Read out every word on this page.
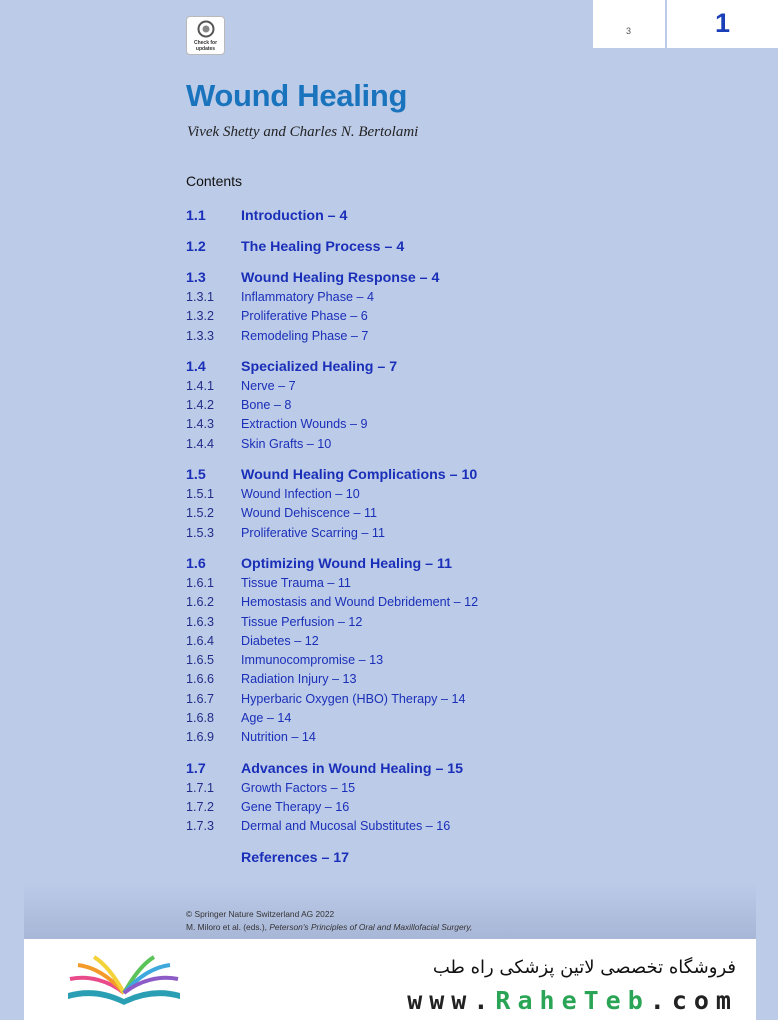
3	1
Check for updates
Wound Healing
Vivek Shetty and Charles N. Bertolami
Contents
1.1 Introduction – 4
1.2 The Healing Process – 4
1.3 Wound Healing Response – 4
1.3.1 Inflammatory Phase – 4
1.3.2 Proliferative Phase – 6
1.3.3 Remodeling Phase – 7
1.4 Specialized Healing – 7
1.4.1 Nerve – 7
1.4.2 Bone – 8
1.4.3 Extraction Wounds – 9
1.4.4 Skin Grafts – 10
1.5 Wound Healing Complications – 10
1.5.1 Wound Infection – 10
1.5.2 Wound Dehiscence – 11
1.5.3 Proliferative Scarring – 11
1.6 Optimizing Wound Healing – 11
1.6.1 Tissue Trauma – 11
1.6.2 Hemostasis and Wound Debridement – 12
1.6.3 Tissue Perfusion – 12
1.6.4 Diabetes – 12
1.6.5 Immunocompromise – 13
1.6.6 Radiation Injury – 13
1.6.7 Hyperbaric Oxygen (HBO) Therapy – 14
1.6.8 Age – 14
1.6.9 Nutrition – 14
1.7 Advances in Wound Healing – 15
1.7.1 Growth Factors – 15
1.7.2 Gene Therapy – 16
1.7.3 Dermal and Mucosal Substitutes – 16
References – 17
© Springer Nature Switzerland AG 2022
M. Miloro et al. (eds.), Peterson's Principles of Oral and Maxillofacial Surgery,
فروشگاه تخصصی لاتین پزشکی راه طب
www.RaheTeb.com
